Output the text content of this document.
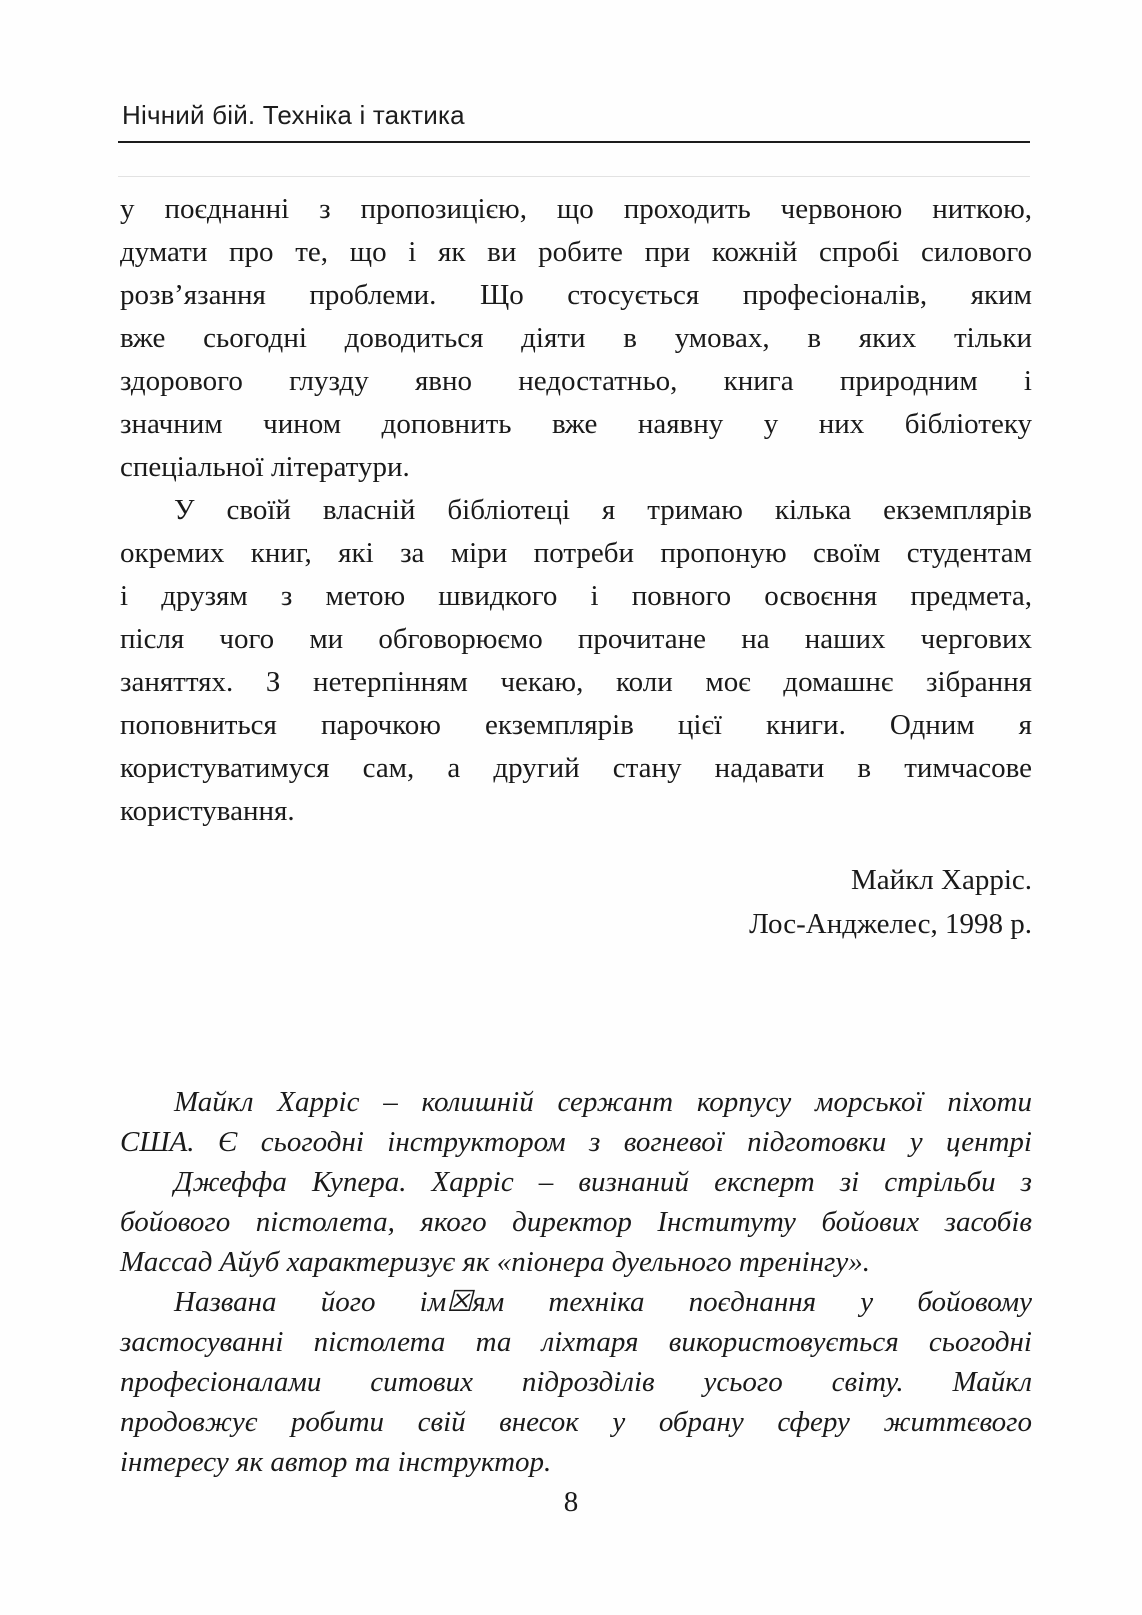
Нічний бій. Техніка і тактика
у поєднанні з пропозицією, що проходить червоною ниткою,
думати про те, що і як ви робите при кожній спробі силового
розв’язання проблеми. Що стосується професіоналів, яким
вже сьогодні доводиться діяти в умовах, в яких тільки
здорового глузду явно недостатньо, книга природним і
значним чином доповнить вже наявну у них бібліотеку
спеціальної літератури.
У своїй власній бібліотеці я тримаю кілька екземплярів
окремих книг, які за міри потреби пропоную своїм студентам
і друзям з метою швидкого і повного освоєння предмета,
після чого ми обговорюємо прочитане на наших чергових
заняттях. З нетерпінням чекаю, коли моє домашнє зібрання
поповниться парочкою екземплярів цієї книги. Одним я
користуватимуся сам, а другий стану надавати в тимчасове
користування.
Майкл Харріс.
Лос-Анджелес, 1998 р.
Майкл Харріс – колишній сержант корпусу морської піхоти
США. Є сьогодні інструктором з вогневої підготовки у центрі
Джеффа Купера. Харріс – визнаний експерт зі стрільби з
бойового пістолета, якого директор Інституту бойових засобів
Массад Айуб характеризує як «піонера дуельного тренінгу».
Названа його ім☒ям техніка поєднання у бойовому
застосуванні пістолета та ліхтаря використовується сьогодні
професіоналами ситових підрозділів усього світу. Майкл
продовжує робити свій внесок у обрану сферу життєвого
інтересу як автор та інструктор.
8
